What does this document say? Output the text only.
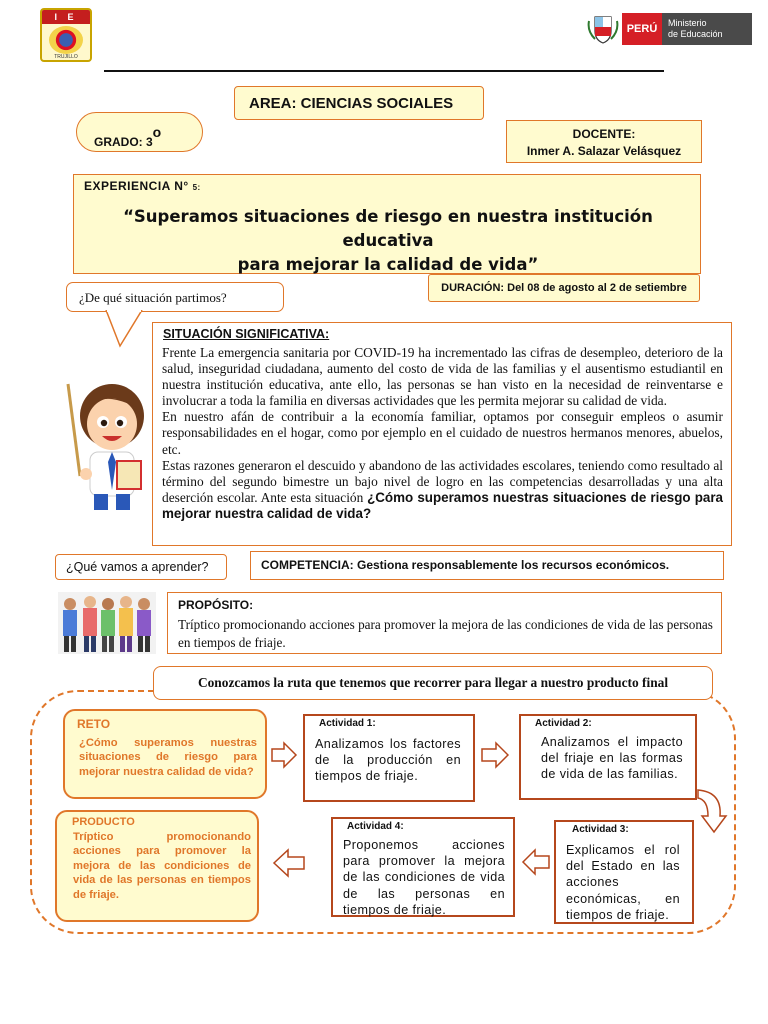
I E
TRUJILLO
PERÚ	Ministerio
de Educación
AREA: CIENCIAS SOCIALES
GRADO: 3$^o$	DOCENTE:
Inmer A. Salazar Velásquez
EXPERIENCIA N° 5:
“Superamos situaciones de riesgo en nuestra institución educativa
para mejorar la calidad de vida”
DURACIÓN: Del 08 de agosto al 2 de setiembre
¿De qué situación partimos?
SITUACIÓN SIGNIFICATIVA:
Frente La emergencia sanitaria por COVID-19 ha incrementado las cifras de desempleo, deterioro de la salud, inseguridad ciudadana, aumento del costo de vida de las familias y el ausentismo estudiantil en nuestra institución educativa, ante ello, las personas se han visto en la necesidad de reinventarse e involucrar a toda la familia en diversas actividades que les permita mejorar su calidad de vida.
En nuestro afán de contribuir a la economía familiar, optamos por conseguir empleos o asumir responsabilidades en el hogar, como por ejemplo en el cuidado de nuestros hermanos menores, abuelos, etc.
Estas razones generaron el descuido y abandono de las actividades escolares, teniendo como resultado al término del segundo bimestre un bajo nivel de logro en las competencias desarrolladas y una alta deserción escolar. Ante esta situación ¿Cómo superamos nuestras situaciones de riesgo para mejorar nuestra calidad de vida?
¿Qué vamos a aprender?	COMPETENCIA: Gestiona responsablemente los recursos económicos.
PROPÓSITO:
Tríptico promocionando acciones para promover la mejora de las condiciones de vida de las personas en tiempos de friaje.
Conozcamos la ruta que tenemos que recorrer para llegar a nuestro producto final
RETO
¿Cómo superamos nuestras situaciones de riesgo para mejorar nuestra calidad de vida?
PRODUCTO
Tríptico promocionando acciones para promover la mejora de las condiciones de vida de las personas en tiempos de friaje.
Actividad 1:
Analizamos los factores de la producción en tiempos de friaje.
Actividad 2:
Analizamos el impacto del friaje en las formas de vida de las familias.
Actividad 3:
Explicamos el rol del Estado en las acciones económicas, en tiempos de friaje.
Actividad 4:
Proponemos acciones para promover la mejora de las condiciones de vida de las personas en tiempos de friaje.
